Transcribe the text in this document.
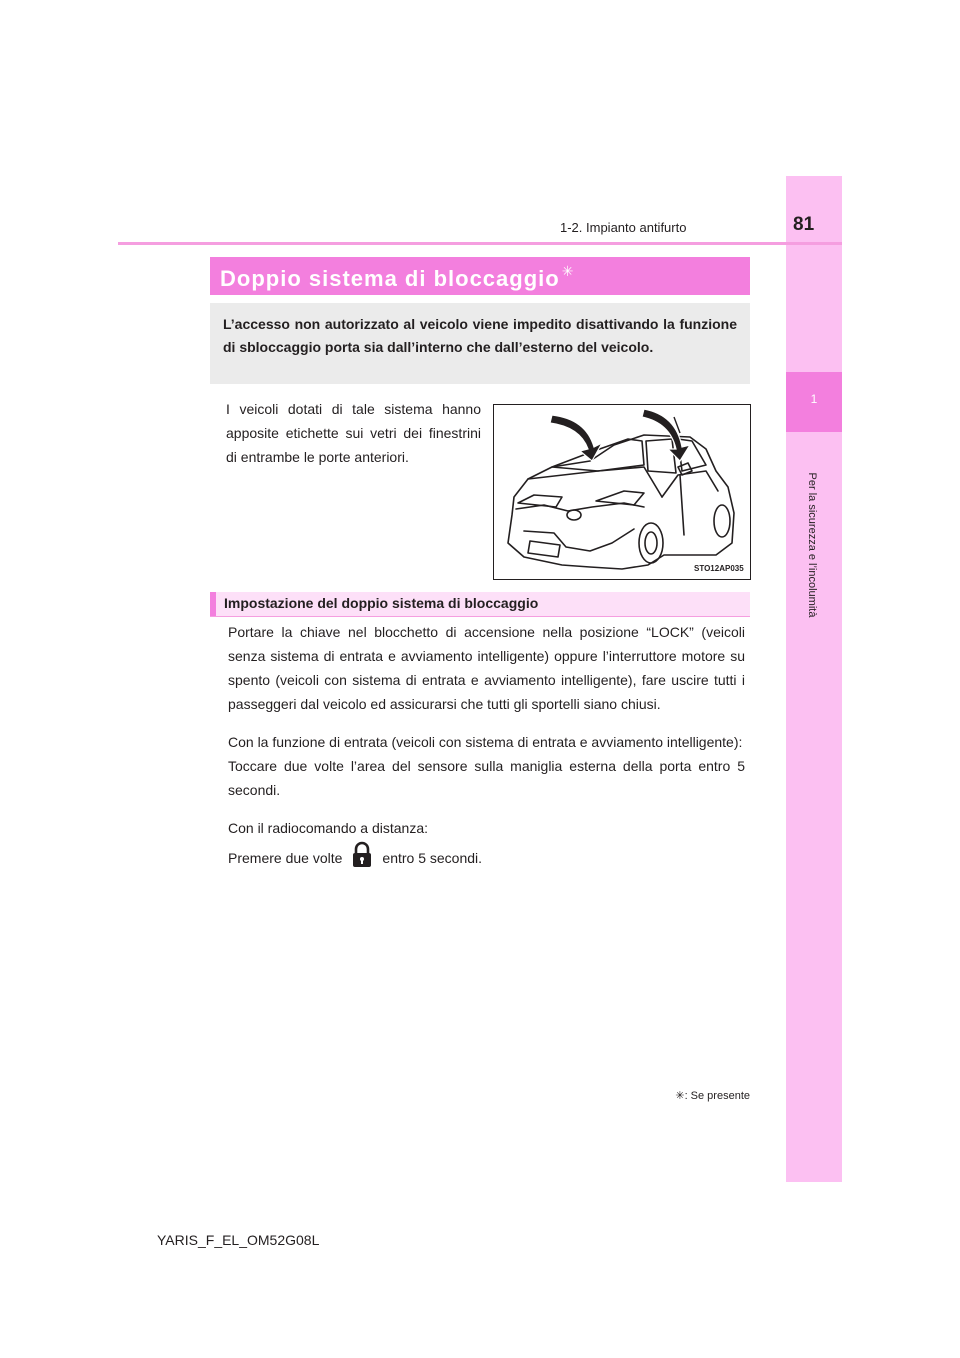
1
Per la sicurezza e l’incolumità
1-2. Impianto antifurto	81
Doppio sistema di bloccaggio ✳

L’accesso non autorizzato al veicolo viene impedito disattivando la funzione di sbloccaggio porta sia dall’interno che dall’esterno del veicolo.

I veicoli dotati di tale sistema hanno apposite etichette sui vetri dei finestrini di entrambe le porte anteriori.

STO12AP035
Impostazione del doppio sistema di bloccaggio

Portare la chiave nel blocchetto di accensione nella posizione “LOCK” (veicoli senza sistema di entrata e avviamento intelligente) oppure l’interruttore motore su spento (veicoli con sistema di entrata e avviamento intelligente), fare uscire tutti i passeggeri dal veicolo ed assicurarsi che tutti gli sportelli siano chiusi.

Con la funzione di entrata (veicoli con sistema di entrata e avviamento intelligente):
Toccare due volte l’area del sensore sulla maniglia esterna della porta entro 5 secondi.
Con il radiocomando a distanza:
Premere due volte	entro 5 secondi.
✳: Se presente
YARIS_F_EL_OM52G08L
